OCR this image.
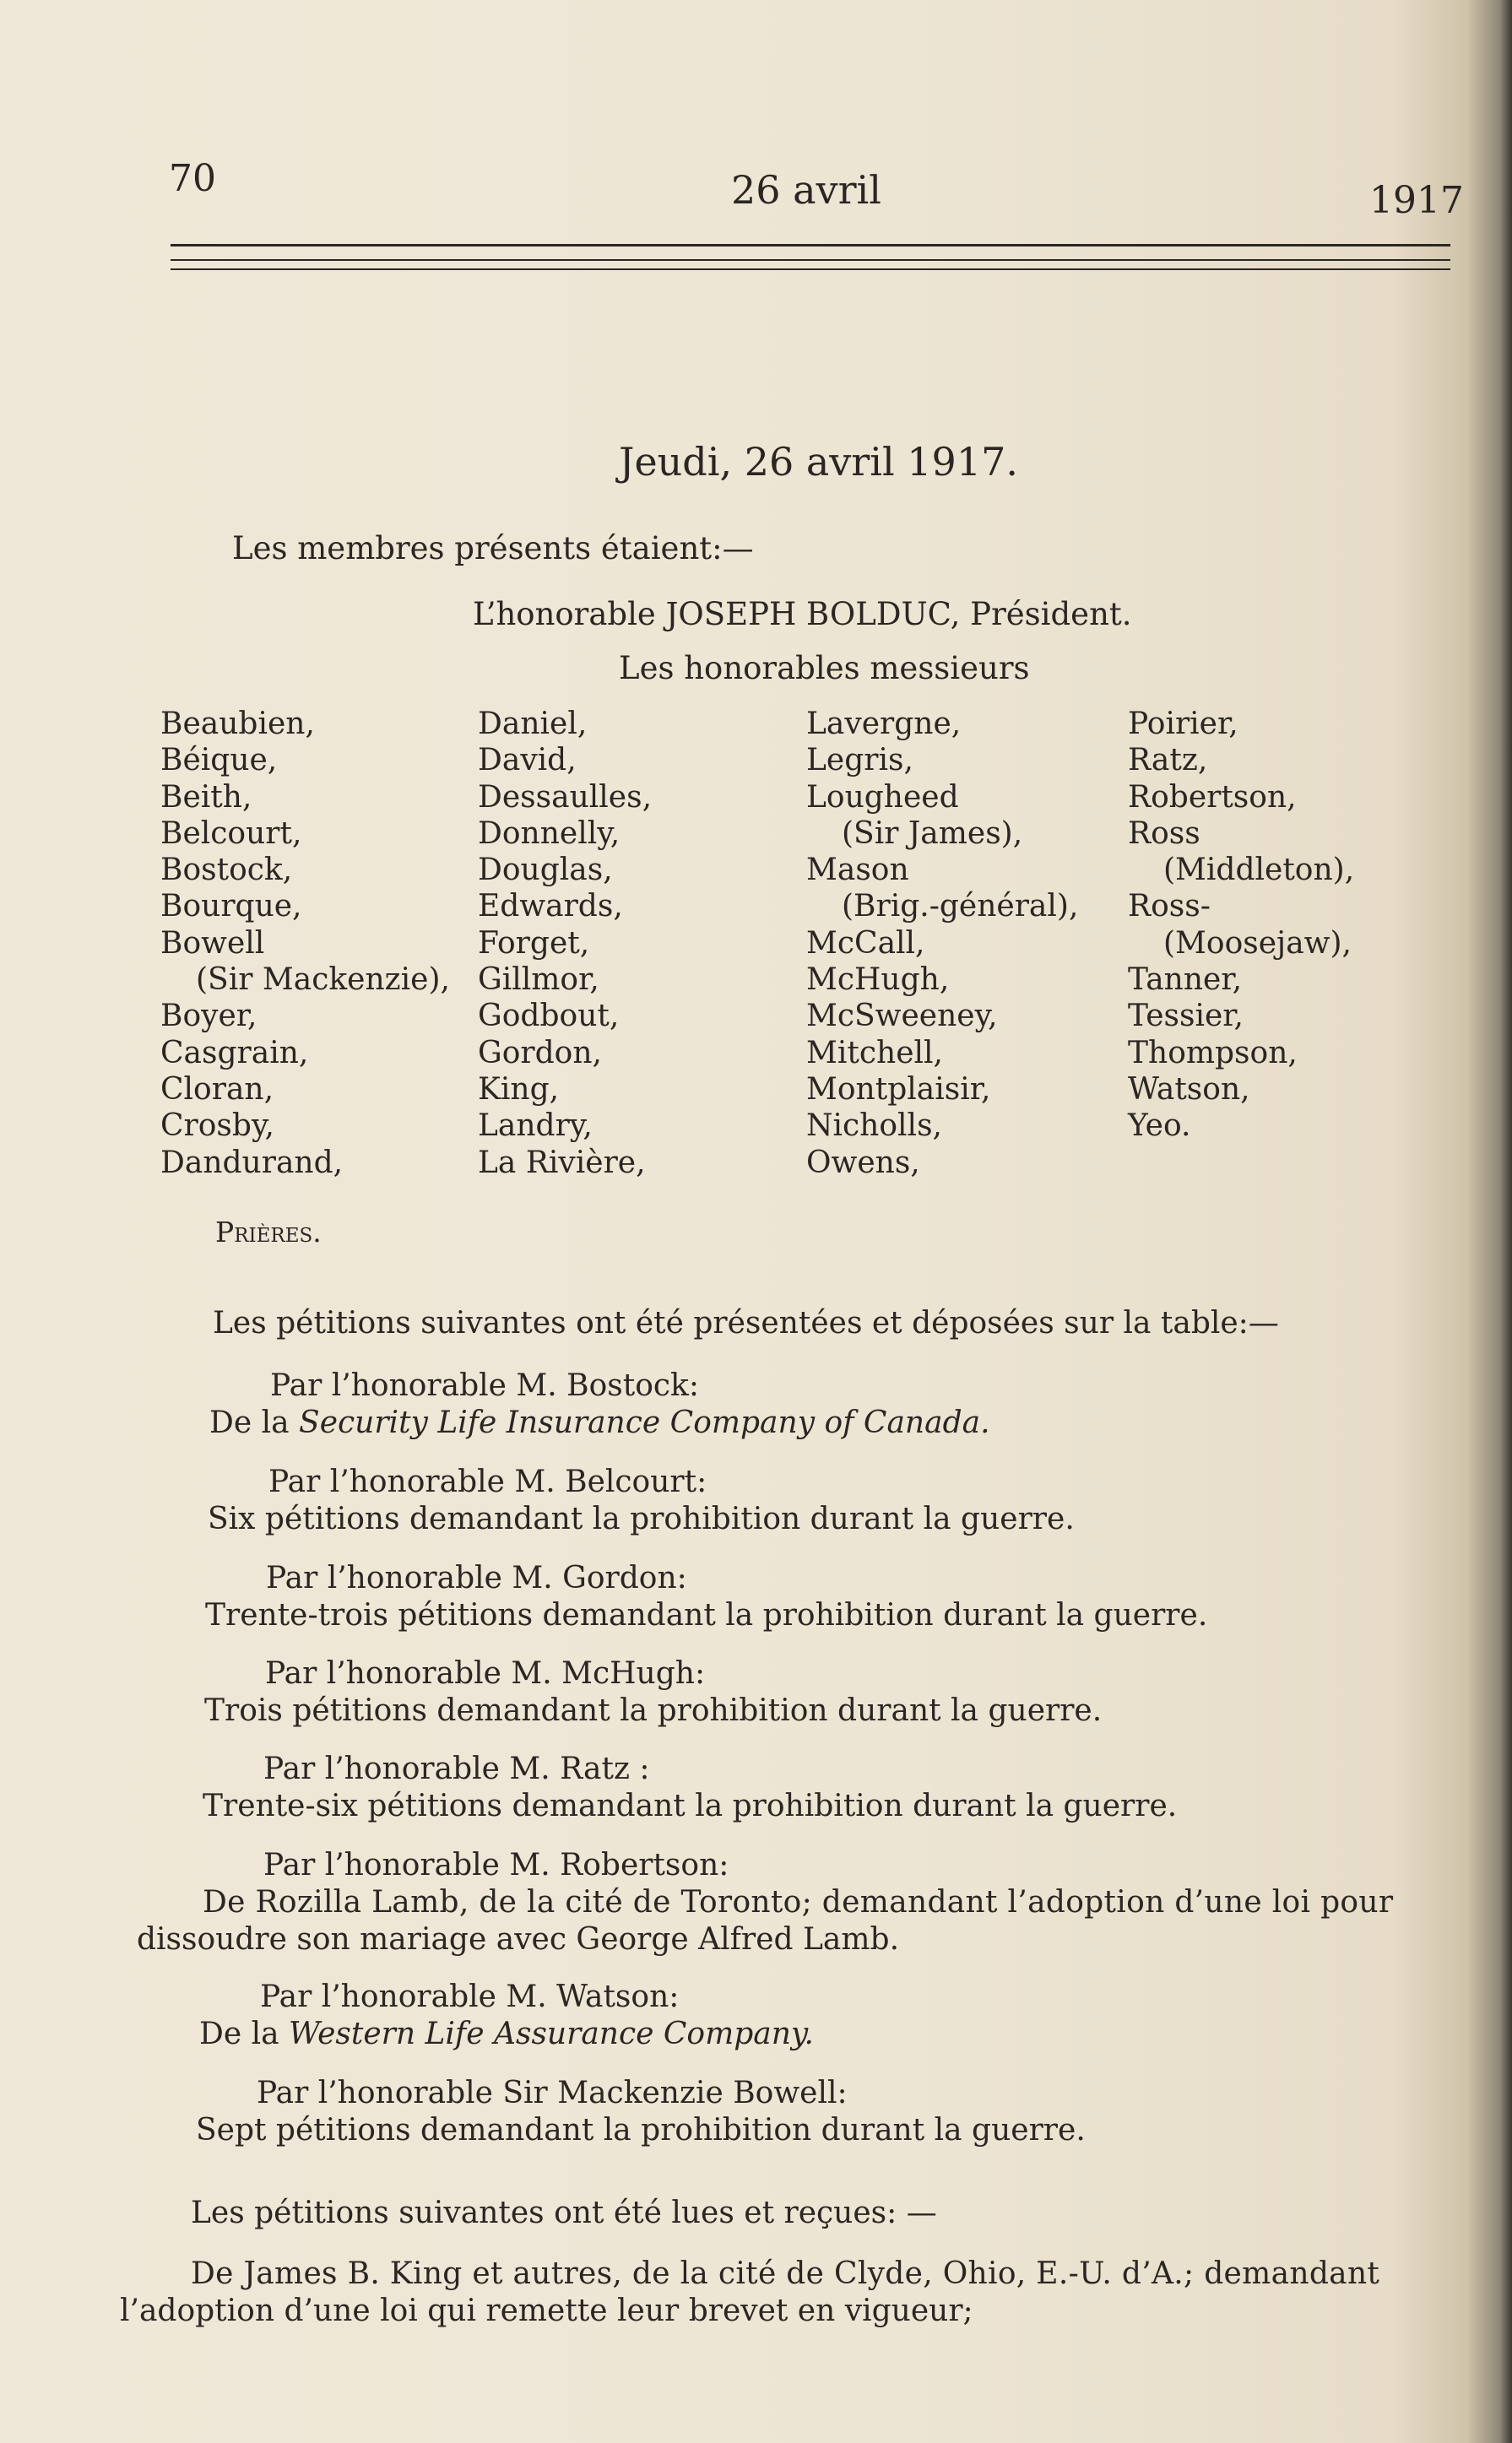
70	26 avril	1917
Jeudi, 26 avril 1917.
Les membres présents étaient:—
L’honorable JOSEPH BOLDUC, Président.
Les honorables messieurs
Beaubien,
Béique,
Beith,
Belcourt,
Bostock,
Bourque,
Bowell
(Sir Mackenzie),
Boyer,
Casgrain,
Cloran,
Crosby,
Dandurand,
Daniel,
David,
Dessaulles,
Donnelly,
Douglas,
Edwards,
Forget,
Gillmor,
Godbout,
Gordon,
King,
Landry,
La Rivière,
Lavergne,
Legris,
Lougheed
(Sir James),
Mason
(Brig.-général),
McCall,
McHugh,
McSweeney,
Mitchell,
Montplaisir,
Nicholls,
Owens,
Poirier,
Ratz,
Robertson,
Ross
(Middleton),
Ross-
(Moosejaw),
Tanner,
Tessier,
Thompson,
Watson,
Yeo.
Prières.
Les pétitions suivantes ont été présentées et déposées sur la table:—
Par l’honorable M. Bostock:
De la Security Life Insurance Company of Canada.
Par l’honorable M. Belcourt:
Six pétitions demandant la prohibition durant la guerre.
Par l’honorable M. Gordon:
Trente-trois pétitions demandant la prohibition durant la guerre.
Par l’honorable M. McHugh:
Trois pétitions demandant la prohibition durant la guerre.
Par l’honorable M. Ratz :
Trente-six pétitions demandant la prohibition durant la guerre.
Par l’honorable M. Robertson:
De Rozilla Lamb, de la cité de Toronto; demandant l’adoption d’une loi pour
dissoudre son mariage avec George Alfred Lamb.
Par l’honorable M. Watson:
De la Western Life Assurance Company.
Par l’honorable Sir Mackenzie Bowell:
Sept pétitions demandant la prohibition durant la guerre.
Les pétitions suivantes ont été lues et reçues: —
De James B. King et autres, de la cité de Clyde, Ohio, E.-U. d’A.; demandant
l’adoption d’une loi qui remette leur brevet en vigueur;
